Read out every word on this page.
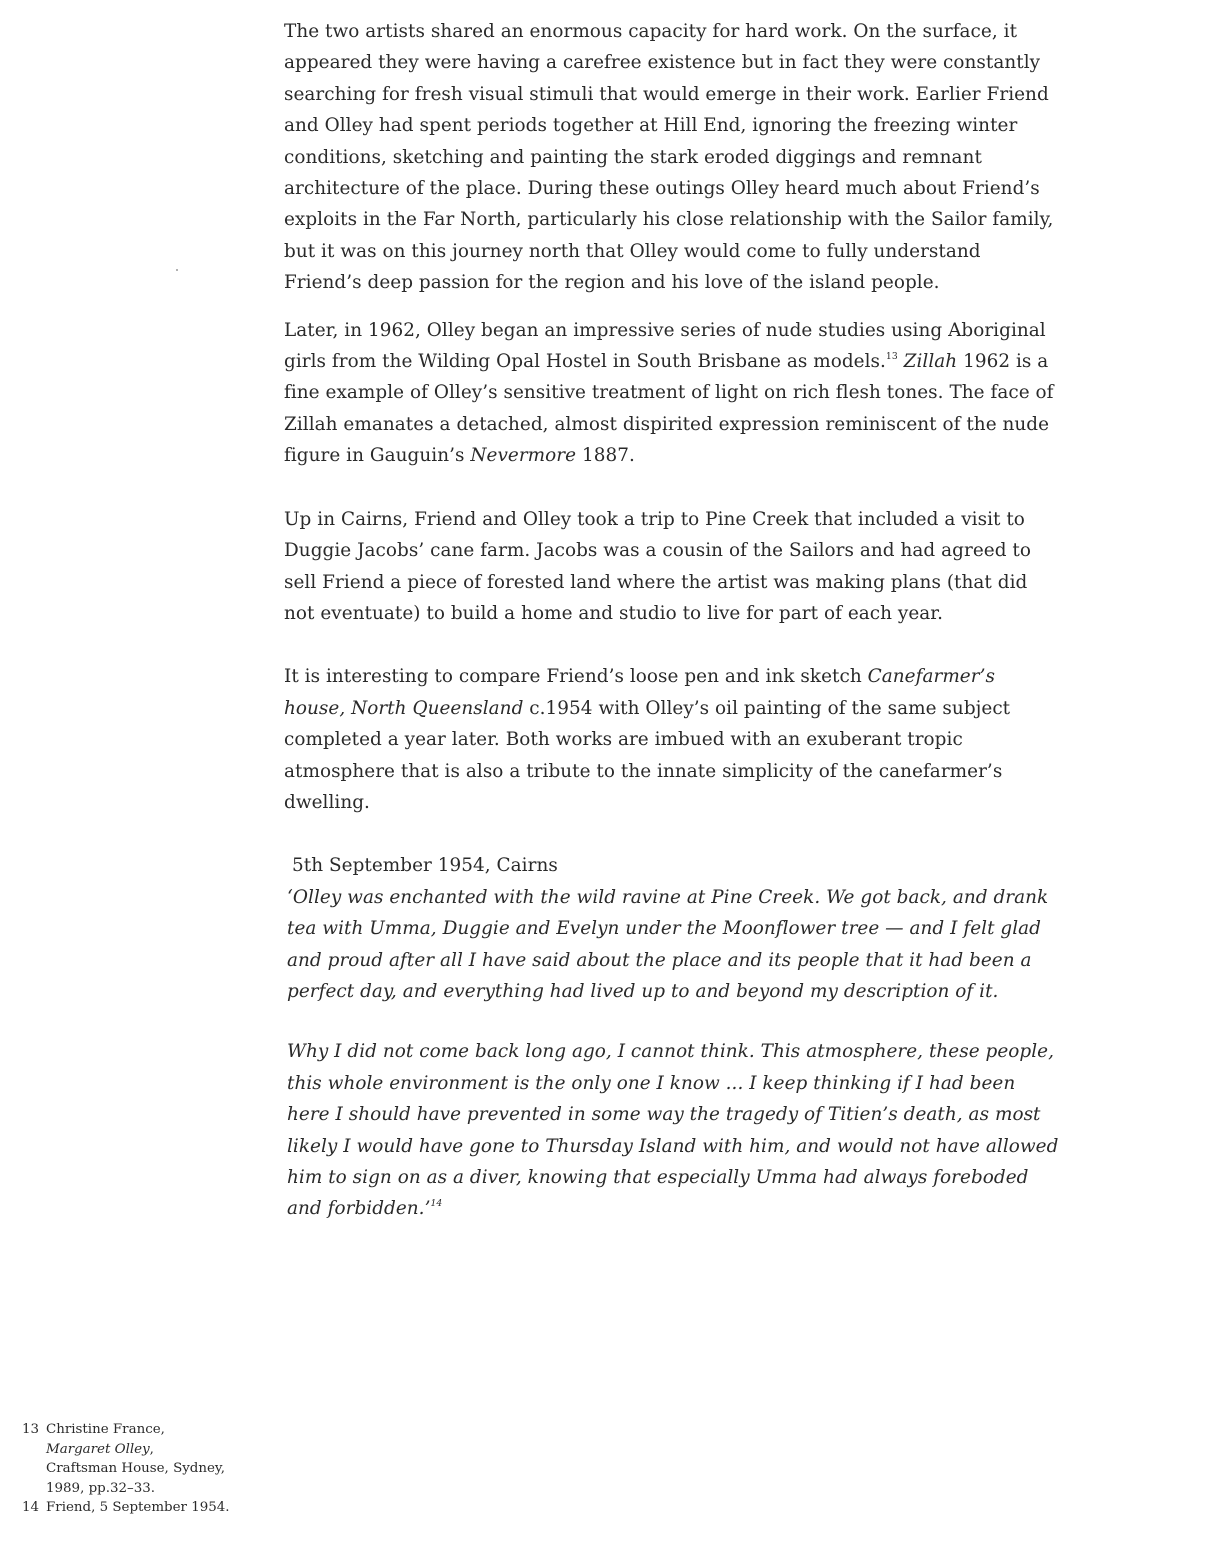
The two artists shared an enormous capacity for hard work. On the surface, it appeared they were having a carefree existence but in fact they were constantly searching for fresh visual stimuli that would emerge in their work. Earlier Friend and Olley had spent periods together at Hill End, ignoring the freezing winter conditions, sketching and painting the stark eroded diggings and remnant architecture of the place. During these outings Olley heard much about Friend’s exploits in the Far North, particularly his close relationship with the Sailor family, but it was on this journey north that Olley would come to fully understand Friend’s deep passion for the region and his love of the island people.

Later, in 1962, Olley began an impressive series of nude studies using Aboriginal girls from the Wilding Opal Hostel in South Brisbane as models.$^{13}$ Zillah 1962 is a fine example of Olley’s sensitive treatment of light on rich flesh tones. The face of Zillah emanates a detached, almost dispirited expression reminiscent of the nude figure in Gauguin’s Nevermore 1887.

Up in Cairns, Friend and Olley took a trip to Pine Creek that included a visit to Duggie Jacobs’ cane farm. Jacobs was a cousin of the Sailors and had agreed to sell Friend a piece of forested land where the artist was making plans (that did not eventuate) to build a home and studio to live for part of each year.

It is interesting to compare Friend’s loose pen and ink sketch Canefarmer’s house, North Queensland c.1954 with Olley’s oil painting of the same subject completed a year later. Both works are imbued with an exuberant tropic atmosphere that is also a tribute to the innate simplicity of the canefarmer’s dwelling.

5th September 1954, Cairns

‘Olley was enchanted with the wild ravine at Pine Creek. We got back, and drank tea with Umma, Duggie and Evelyn under the Moonflower tree — and I felt glad and proud after all I have said about the place and its people that it had been a perfect day, and everything had lived up to and beyond my description of it.

Why I did not come back long ago, I cannot think. This atmosphere, these people, this whole environment is the only one I know ... I keep thinking if I had been here I should have prevented in some way the tragedy of Titien’s death, as most likely I would have gone to Thursday Island with him, and would not have allowed him to sign on as a diver, knowing that especially Umma had always foreboded and forbidden.’$^{14}$

13 Christine France,
Margaret Olley,
Craftsman House, Sydney, 1989, pp.32–33.
14 Friend, 5 September 1954.
